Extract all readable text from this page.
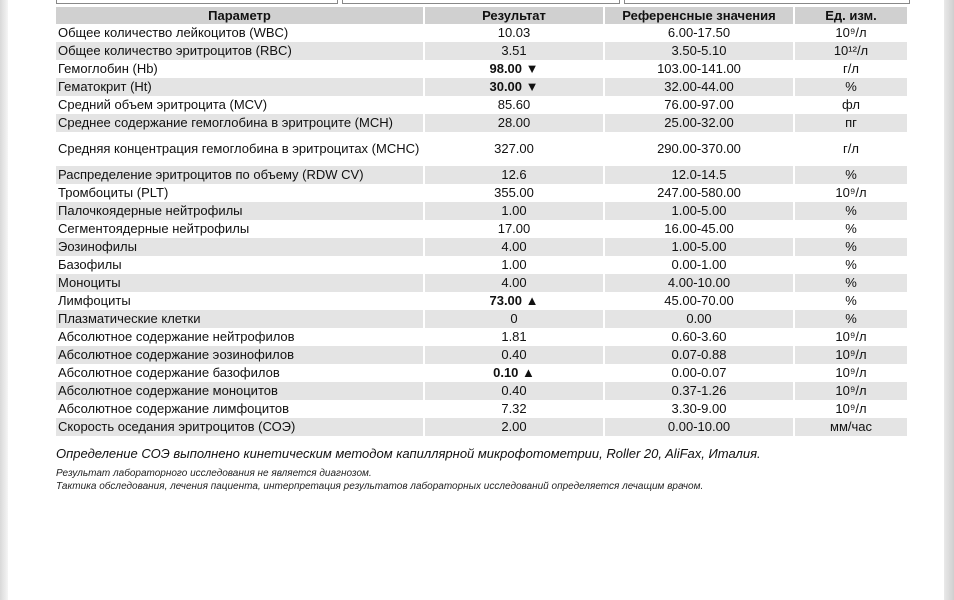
Параметр	Результат	Референсные значения	Ед. изм.
Общее количество лейкоцитов (WBC)	10.03	6.00-17.50	10⁹/л
Общее количество эритроцитов (RBC)	3.51	3.50-5.10	10¹²/л
Гемоглобин (Hb)	98.00 ▼	103.00-141.00	г/л
Гематокрит (Ht)	30.00 ▼	32.00-44.00	%
Средний объем эритроцита (MCV)	85.60	76.00-97.00	фл
Среднее содержание гемоглобина в эритроците (MCH)	28.00	25.00-32.00	пг
Средняя концентрация гемоглобина в эритроцитах (MCHC)	327.00	290.00-370.00	г/л
Распределение эритроцитов по объему (RDW CV)	12.6	12.0-14.5	%
Тромбоциты (PLT)	355.00	247.00-580.00	10⁹/л
Палочкоядерные нейтрофилы	1.00	1.00-5.00	%
Сегментоядерные нейтрофилы	17.00	16.00-45.00	%
Эозинофилы	4.00	1.00-5.00	%
Базофилы	1.00	0.00-1.00	%
Моноциты	4.00	4.00-10.00	%
Лимфоциты	73.00 ▲	45.00-70.00	%
Плазматические клетки	0	0.00	%
Абсолютное содержание нейтрофилов	1.81	0.60-3.60	10⁹/л
Абсолютное содержание эозинофилов	0.40	0.07-0.88	10⁹/л
Абсолютное содержание базофилов	0.10 ▲	0.00-0.07	10⁹/л
Абсолютное содержание моноцитов	0.40	0.37-1.26	10⁹/л
Абсолютное содержание лимфоцитов	7.32	3.30-9.00	10⁹/л
Скорость оседания эритроцитов (СОЭ)	2.00	0.00-10.00	мм/час
Определение СОЭ выполнено кинетическим методом капиллярной микрофотометрии, Roller 20, AliFax, Италия.
Результат лабораторного исследования не является диагнозом.
Тактика обследования, лечения пациента, интерпретация результатов лабораторных исследований определяется лечащим врачом.
